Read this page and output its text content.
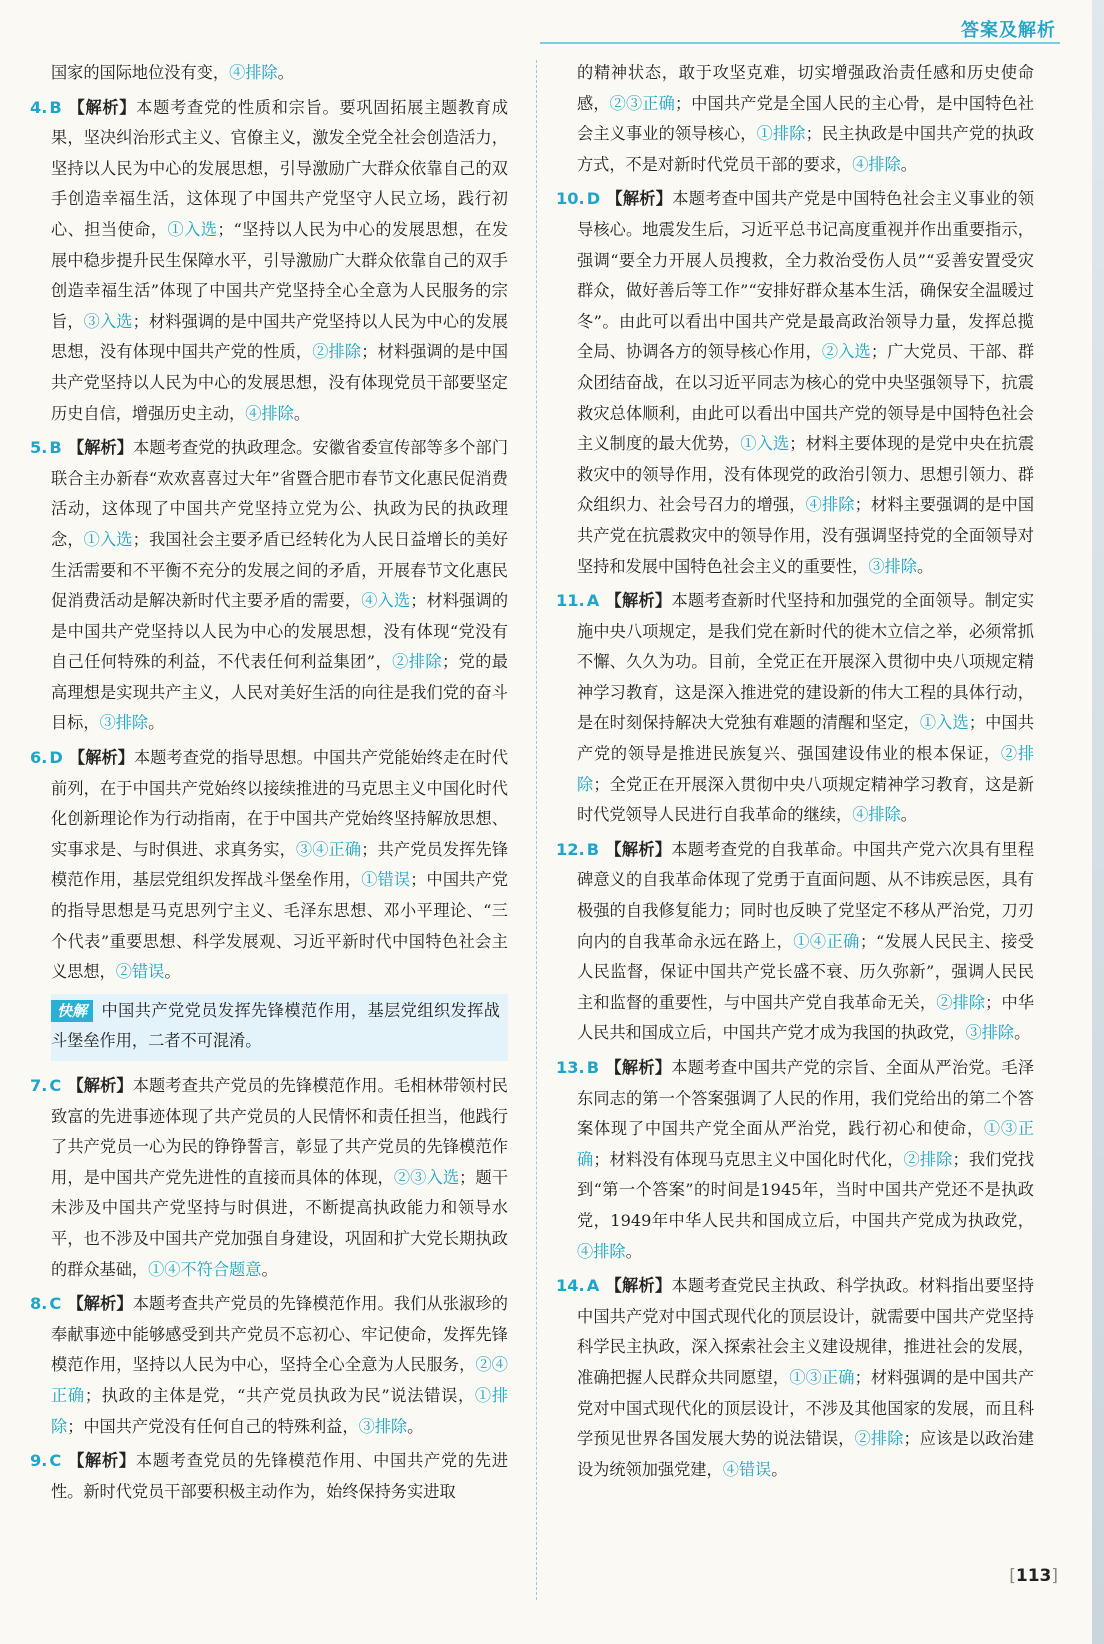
答案及解析

国家的国际地位没有变，④排除。

4. B 【解析】本题考查党的性质和宗旨。要巩固拓展主题教育成果，坚决纠治形式主义、官僚主义，激发全党全社会创造活力，坚持以人民为中心的发展思想，引导激励广大群众依靠自己的双手创造幸福生活，这体现了中国共产党坚守人民立场，践行初心、担当使命，①入选；“坚持以人民为中心的发展思想，在发展中稳步提升民生保障水平，引导激励广大群众依靠自己的双手创造幸福生活”体现了中国共产党坚持全心全意为人民服务的宗旨，③入选；材料强调的是中国共产党坚持以人民为中心的发展思想，没有体现中国共产党的性质，②排除；材料强调的是中国共产党坚持以人民为中心的发展思想，没有体现党员干部要坚定历史自信，增强历史主动，④排除。

5. B 【解析】本题考查党的执政理念。安徽省委宣传部等多个部门联合主办新春“欢欢喜喜过大年”省暨合肥市春节文化惠民促消费活动，这体现了中国共产党坚持立党为公、执政为民的执政理念，①入选；我国社会主要矛盾已经转化为人民日益增长的美好生活需要和不平衡不充分的发展之间的矛盾，开展春节文化惠民促消费活动是解决新时代主要矛盾的需要，④入选；材料强调的是中国共产党坚持以人民为中心的发展思想，没有体现“党没有自己任何特殊的利益，不代表任何利益集团”，②排除；党的最高理想是实现共产主义，人民对美好生活的向往是我们党的奋斗目标，③排除。

6. D 【解析】本题考查党的指导思想。中国共产党能始终走在时代前列，在于中国共产党始终以接续推进的马克思主义中国化时代化创新理论作为行动指南，在于中国共产党始终坚持解放思想、实事求是、与时俱进、求真务实，③④正确；共产党员发挥先锋模范作用，基层党组织发挥战斗堡垒作用，①错误；中国共产党的指导思想是马克思列宁主义、毛泽东思想、邓小平理论、“三个代表”重要思想、科学发展观、习近平新时代中国特色社会主义思想，②错误。

快解 中国共产党党员发挥先锋模范作用，基层党组织发挥战斗堡垒作用，二者不可混淆。

7. C 【解析】本题考查共产党员的先锋模范作用。毛相林带领村民致富的先进事迹体现了共产党员的人民情怀和责任担当，他践行了共产党员一心为民的铮铮誓言，彰显了共产党员的先锋模范作用，是中国共产党先进性的直接而具体的体现，②③入选；题干未涉及中国共产党坚持与时俱进，不断提高执政能力和领导水平，也不涉及中国共产党加强自身建设，巩固和扩大党长期执政的群众基础，①④不符合题意。

8. C 【解析】本题考查共产党员的先锋模范作用。我们从张淑珍的奉献事迹中能够感受到共产党员不忘初心、牢记使命，发挥先锋模范作用，坚持以人民为中心，坚持全心全意为人民服务，②④正确；执政的主体是党，“共产党员执政为民”说法错误，①排除；中国共产党没有任何自己的特殊利益，③排除。

9. C 【解析】本题考查党员的先锋模范作用、中国共产党的先进性。新时代党员干部要积极主动作为，始终保持务实进取

的精神状态，敢于攻坚克难，切实增强政治责任感和历史使命感，②③正确；中国共产党是全国人民的主心骨，是中国特色社会主义事业的领导核心，①排除；民主执政是中国共产党的执政方式，不是对新时代党员干部的要求，④排除。

10. D 【解析】本题考查中国共产党是中国特色社会主义事业的领导核心。地震发生后，习近平总书记高度重视并作出重要指示，强调“要全力开展人员搜救，全力救治受伤人员”“妥善安置受灾群众，做好善后等工作”“安排好群众基本生活，确保安全温暖过冬”。由此可以看出中国共产党是最高政治领导力量，发挥总揽全局、协调各方的领导核心作用，②入选；广大党员、干部、群众团结奋战，在以习近平同志为核心的党中央坚强领导下，抗震救灾总体顺利，由此可以看出中国共产党的领导是中国特色社会主义制度的最大优势，①入选；材料主要体现的是党中央在抗震救灾中的领导作用，没有体现党的政治引领力、思想引领力、群众组织力、社会号召力的增强，④排除；材料主要强调的是中国共产党在抗震救灾中的领导作用，没有强调坚持党的全面领导对坚持和发展中国特色社会主义的重要性，③排除。

11. A 【解析】本题考查新时代坚持和加强党的全面领导。制定实施中央八项规定，是我们党在新时代的徙木立信之举，必须常抓不懈、久久为功。目前，全党正在开展深入贯彻中央八项规定精神学习教育，这是深入推进党的建设新的伟大工程的具体行动，是在时刻保持解决大党独有难题的清醒和坚定，①入选；中国共产党的领导是推进民族复兴、强国建设伟业的根本保证，②排除；全党正在开展深入贯彻中央八项规定精神学习教育，这是新时代党领导人民进行自我革命的继续，④排除。

12. B 【解析】本题考查党的自我革命。中国共产党六次具有里程碑意义的自我革命体现了党勇于直面问题、从不讳疾忌医，具有极强的自我修复能力；同时也反映了党坚定不移从严治党，刀刃向内的自我革命永远在路上，①④正确；“发展人民民主、接受人民监督，保证中国共产党长盛不衰、历久弥新”，强调人民民主和监督的重要性，与中国共产党自我革命无关，②排除；中华人民共和国成立后，中国共产党才成为我国的执政党，③排除。

13. B 【解析】本题考查中国共产党的宗旨、全面从严治党。毛泽东同志的第一个答案强调了人民的作用，我们党给出的第二个答案体现了中国共产党全面从严治党，践行初心和使命，①③正确；材料没有体现马克思主义中国化时代化，②排除；我们党找到“第一个答案”的时间是1945年，当时中国共产党还不是执政党，1949年中华人民共和国成立后，中国共产党成为执政党，④排除。

14. A 【解析】本题考查党民主执政、科学执政。材料指出要坚持中国共产党对中国式现代化的顶层设计，就需要中国共产党坚持科学民主执政，深入探索社会主义建设规律，推进社会的发展，准确把握人民群众共同愿望，①③正确；材料强调的是中国共产党对中国式现代化的顶层设计，不涉及其他国家的发展，而且科学预见世界各国发展大势的说法错误，②排除；应该是以政治建设为统领加强党建，④错误。

[113]
